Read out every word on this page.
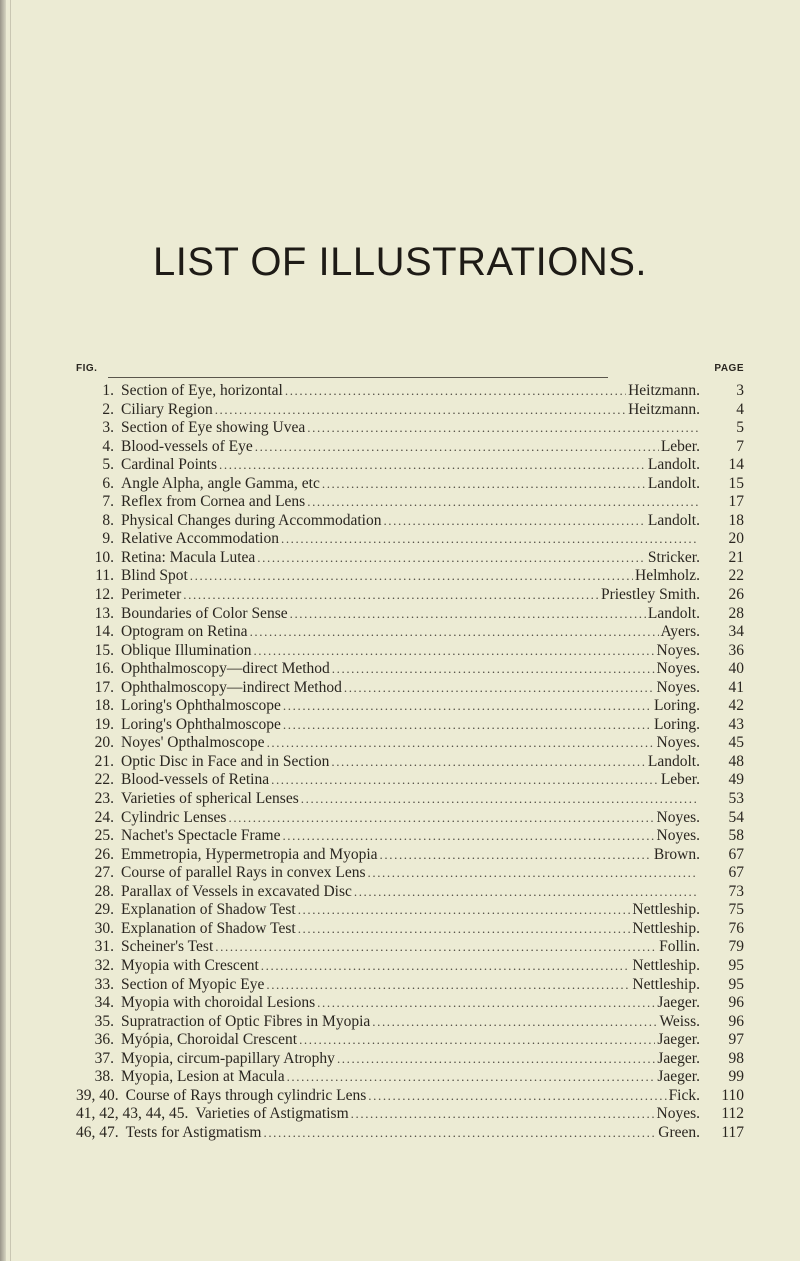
LIST OF ILLUSTRATIONS.
FIG.	PAGE
1. Section of Eye, horizontal .....	Heitzmann.	3
2. Ciliary Region .....	Heitzmann.	4
3. Section of Eye showing Uvea .....	5
4. Blood-vessels of Eye .....	Leber.	7
5. Cardinal Points .....	Landolt.	14
6. Angle Alpha, angle Gamma, etc .....	Landolt.	15
7. Reflex from Cornea and Lens .....	17
8. Physical Changes during Accommodation .....	Landolt.	18
9. Relative Accommodation .....	20
10. Retina: Macula Lutea .....	Stricker.	21
11. Blind Spot .....	Helmholz.	22
12. Perimeter .....	Priestley Smith.	26
13. Boundaries of Color Sense .....	Landolt.	28
14. Optogram on Retina .....	Ayers.	34
15. Oblique Illumination .....	Noyes.	36
16. Ophthalmoscopy—direct Method .....	Noyes.	40
17. Ophthalmoscopy—indirect Method .....	Noyes.	41
18. Loring's Ophthalmoscope .....	Loring.	42
19. Loring's Ophthalmoscope .....	Loring.	43
20. Noyes' Opthalmoscope .....	Noyes.	45
21. Optic Disc in Face and in Section .....	Landolt.	48
22. Blood-vessels of Retina .....	Leber.	49
23. Varieties of spherical Lenses .....	53
24. Cylindric Lenses .....	Noyes.	54
25. Nachet's Spectacle Frame .....	Noyes.	58
26. Emmetropia, Hypermetropia and Myopia .....	Brown.	67
27. Course of parallel Rays in convex Lens .....	67
28. Parallax of Vessels in excavated Disc .....	73
29. Explanation of Shadow Test .....	Nettleship.	75
30. Explanation of Shadow Test .....	Nettleship.	76
31. Scheiner's Test .....	Follin.	79
32. Myopia with Crescent .....	Nettleship.	95
33. Section of Myopic Eye .....	Nettleship.	95
34. Myopia with choroidal Lesions .....	Jaeger.	96
35. Supratraction of Optic Fibres in Myopia .....	Weiss.	96
36. Myópia, Choroidal Crescent .....	Jaeger.	97
37. Myopia, circum-papillary Atrophy .....	Jaeger.	98
38. Myopia, Lesion at Macula .....	Jaeger.	99
39, 40. Course of Rays through cylindric Lens .....	Fick.	110
41, 42, 43, 44, 45. Varieties of Astigmatism .....	Noyes.	112
46, 47. Tests for Astigmatism .....	Green.	117
